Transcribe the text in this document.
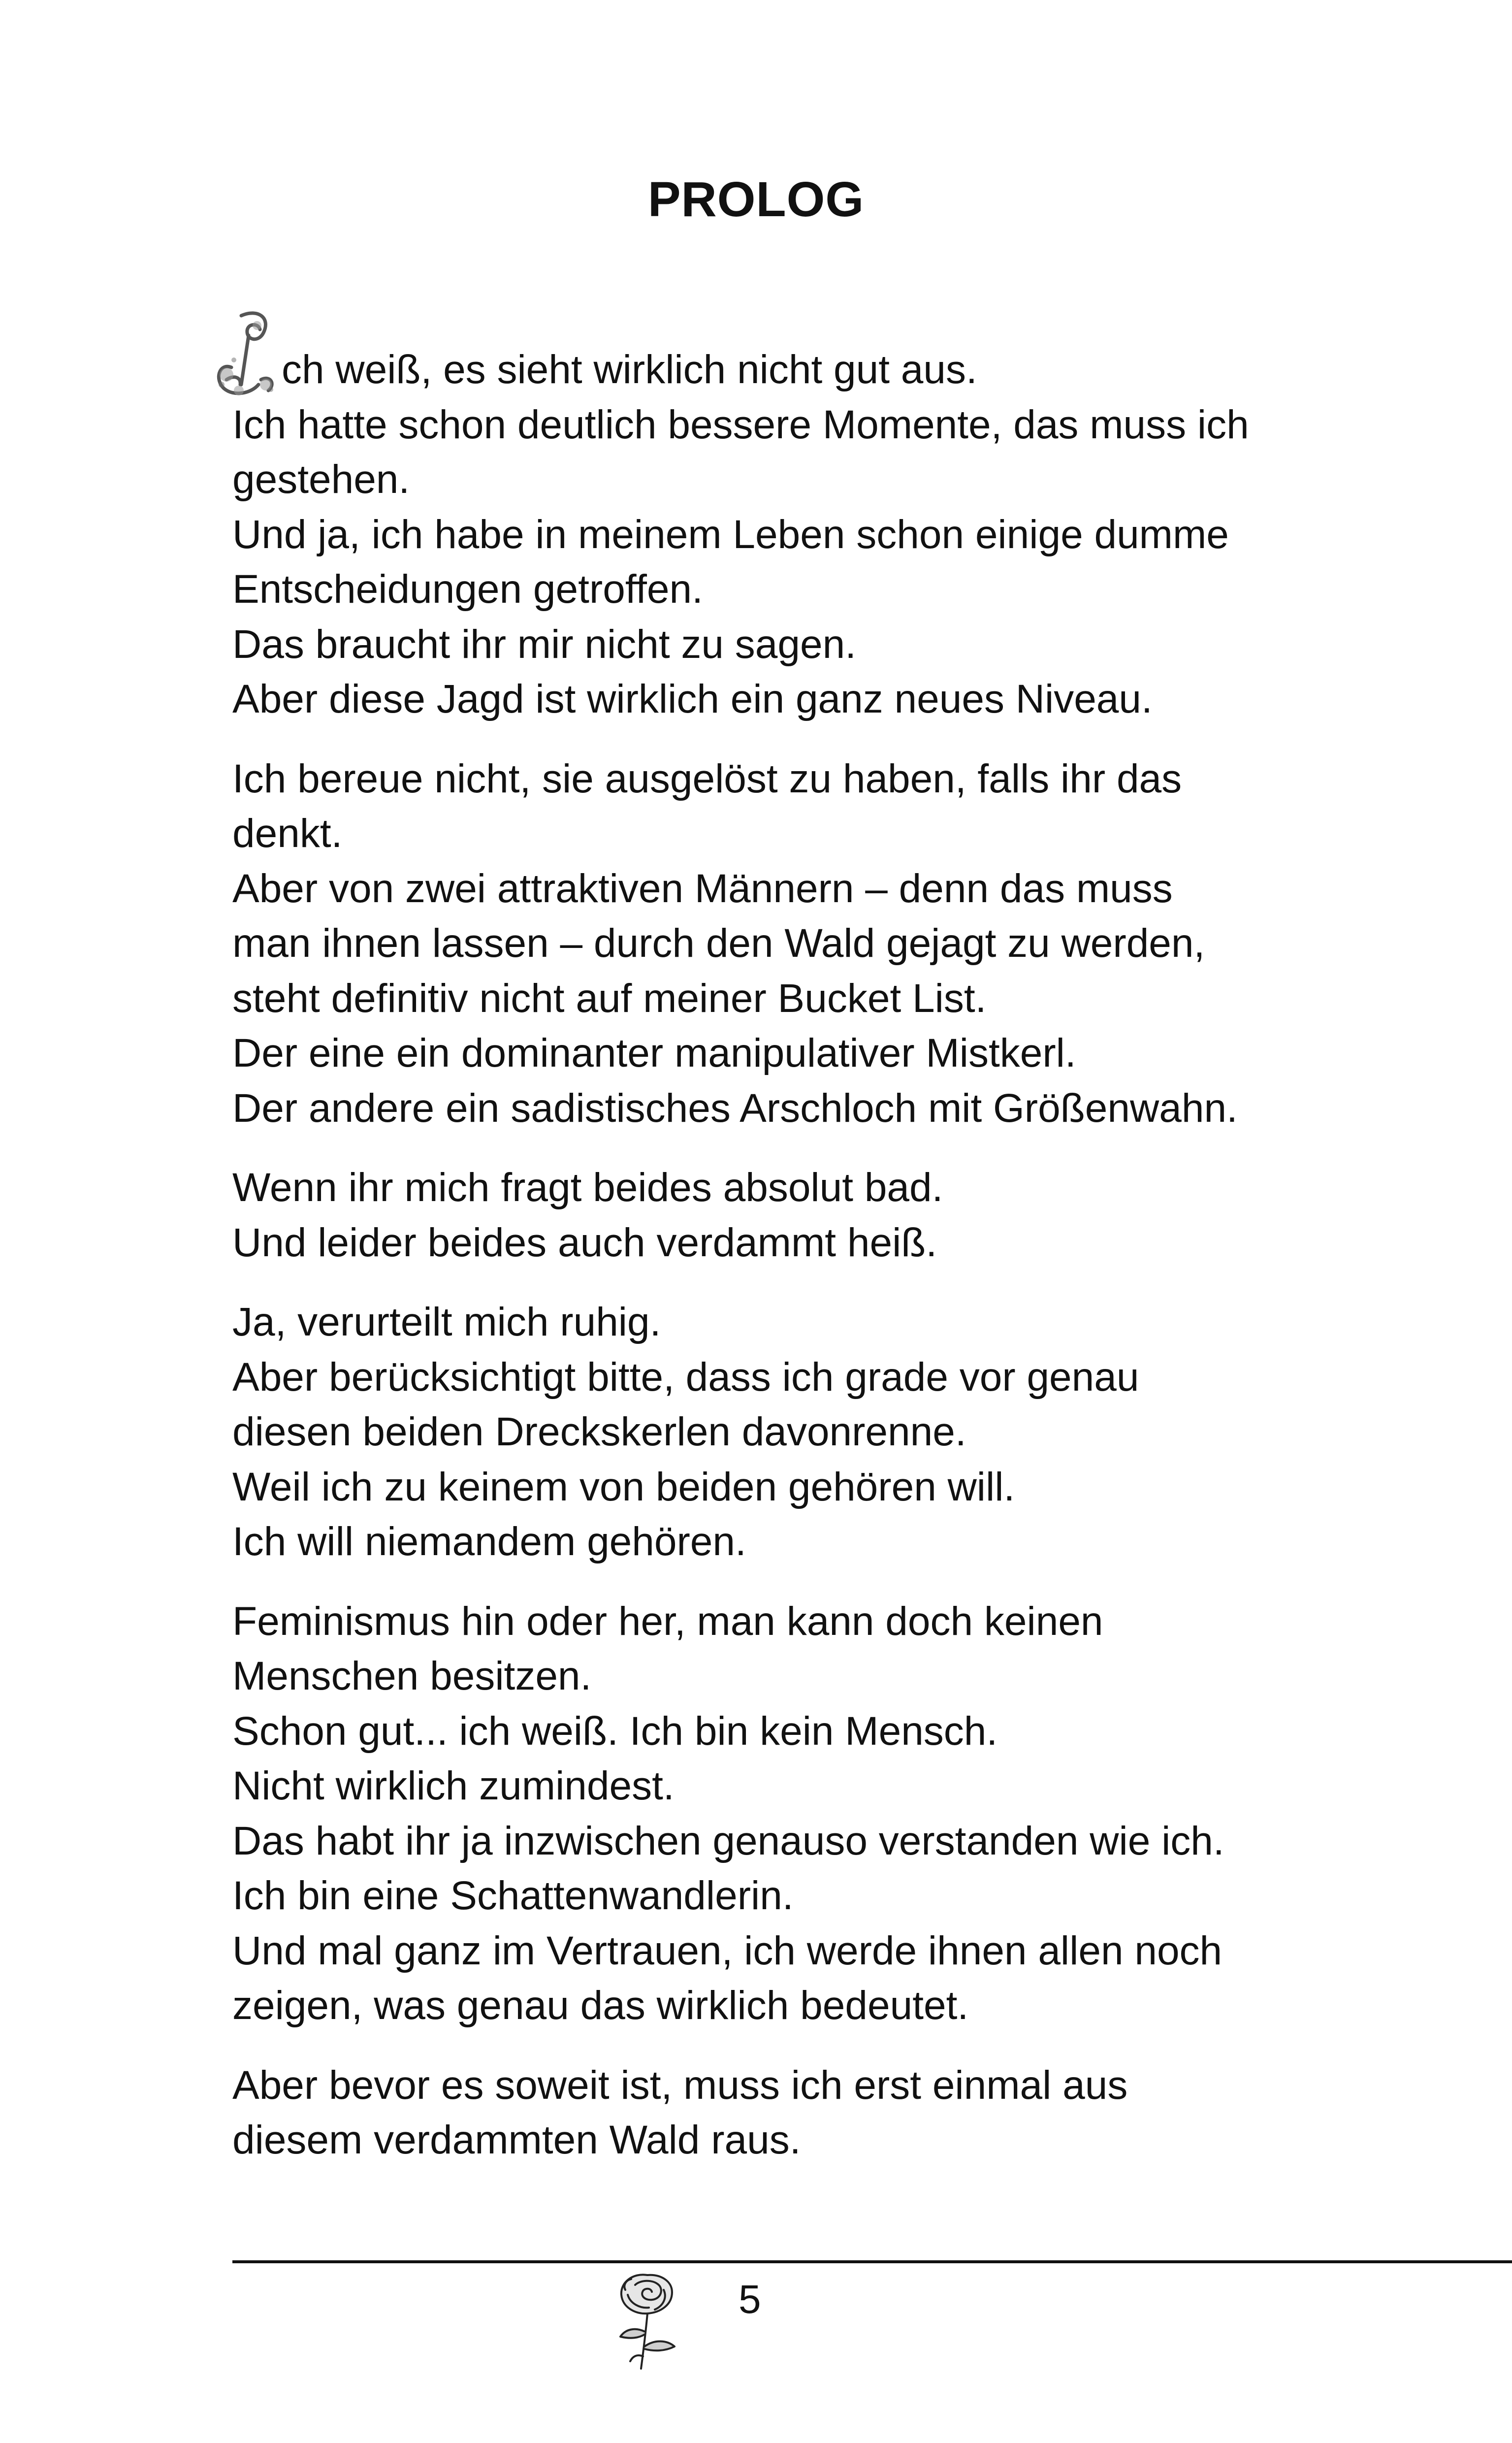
PROLOG
ch weiß, es sieht wirklich nicht gut aus.
Ich hatte schon deutlich bessere Momente, das muss ich
gestehen.
Und ja, ich habe in meinem Leben schon einige dumme
Entscheidungen getroffen.
Das braucht ihr mir nicht zu sagen.
Aber diese Jagd ist wirklich ein ganz neues Niveau.
Ich bereue nicht, sie ausgelöst zu haben, falls ihr das
denkt.
Aber von zwei attraktiven Männern – denn das muss
man ihnen lassen – durch den Wald gejagt zu werden,
steht definitiv nicht auf meiner Bucket List.
Der eine ein dominanter manipulativer Mistkerl.
Der andere ein sadistisches Arschloch mit Größenwahn.
Wenn ihr mich fragt beides absolut bad.
Und leider beides auch verdammt heiß.
Ja, verurteilt mich ruhig.
Aber berücksichtigt bitte, dass ich grade vor genau
diesen beiden Dreckskerlen davonrenne.
Weil ich zu keinem von beiden gehören will.
Ich will niemandem gehören.
Feminismus hin oder her, man kann doch keinen
Menschen besitzen.
Schon gut... ich weiß. Ich bin kein Mensch.
Nicht wirklich zumindest.
Das habt ihr ja inzwischen genauso verstanden wie ich.
Ich bin eine Schattenwandlerin.
Und mal ganz im Vertrauen, ich werde ihnen allen noch
zeigen, was genau das wirklich bedeutet.
Aber bevor es soweit ist, muss ich erst einmal aus
diesem verdammten Wald raus.
5
